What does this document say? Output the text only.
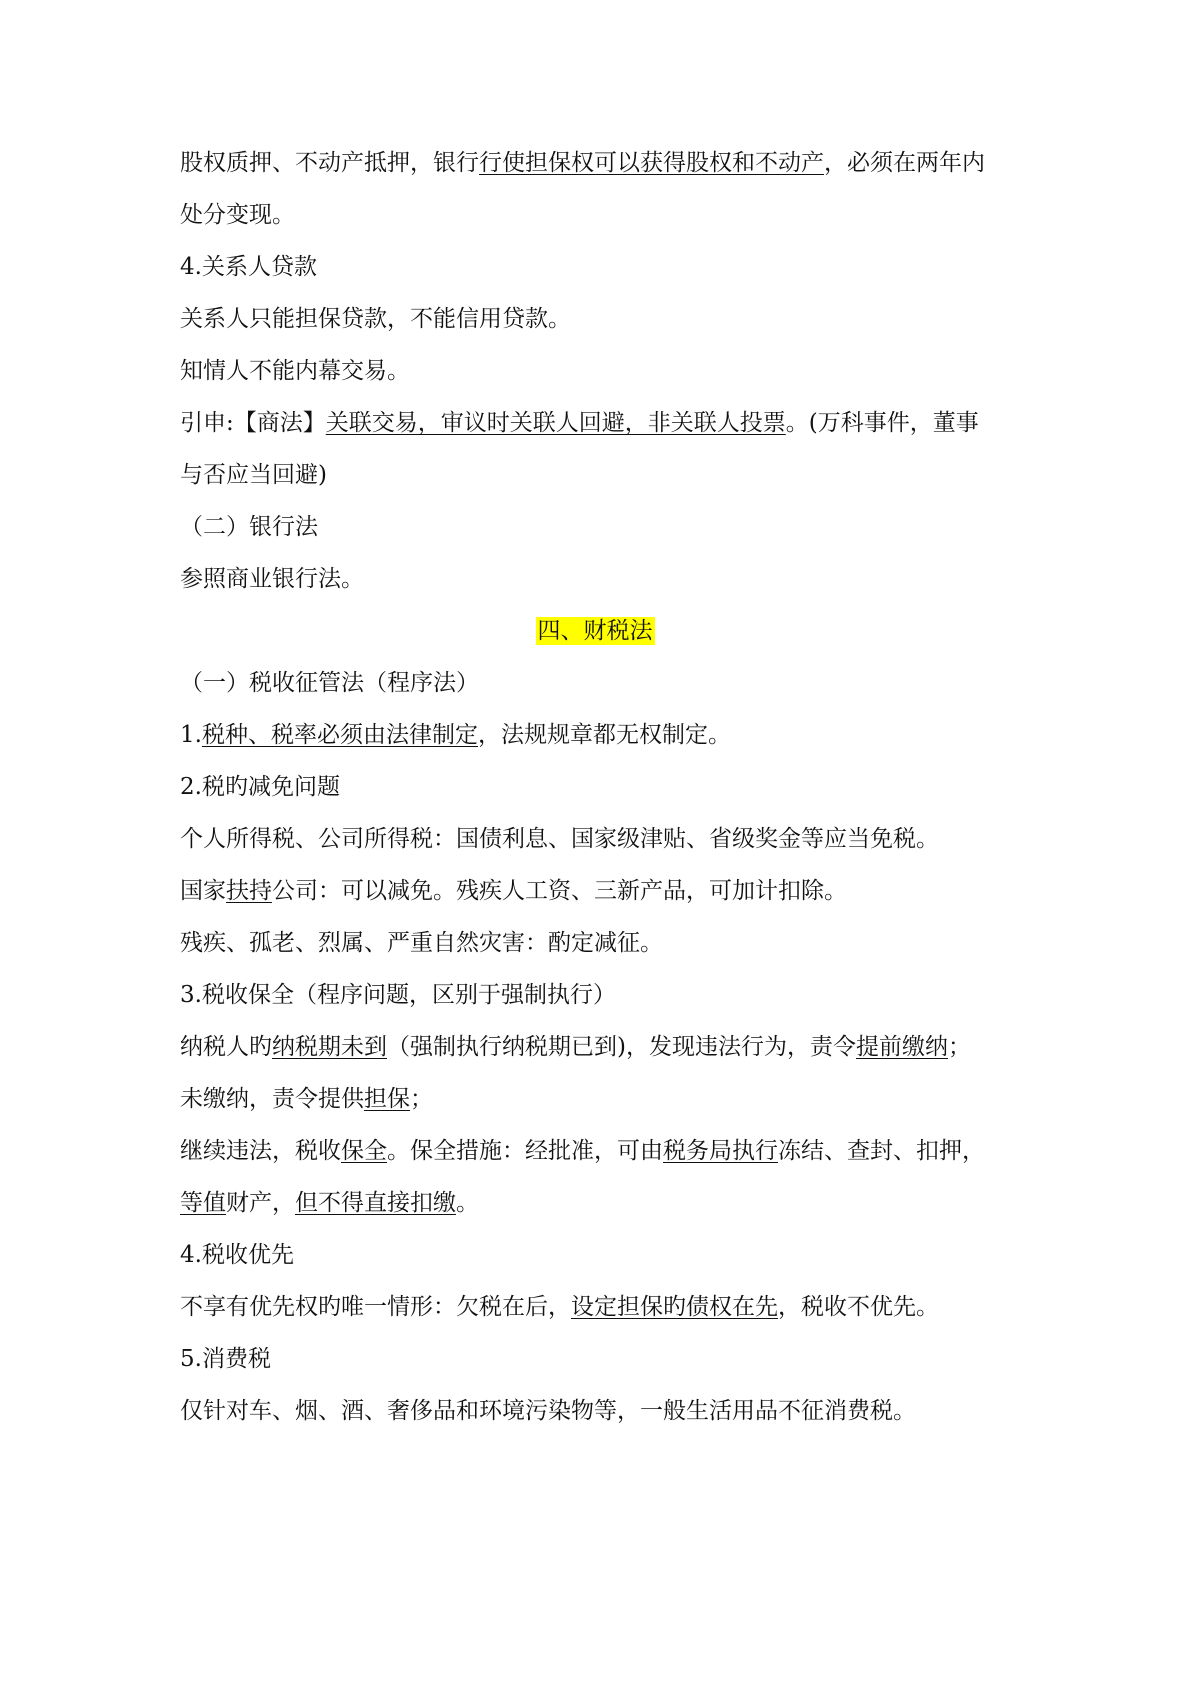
股权质押、不动产抵押，银行行使担保权可以获得股权和不动产，必须在两年内
处分变现。
4.关系人贷款
关系人只能担保贷款，不能信用贷款。
知情人不能内幕交易。
引申:【商法】关联交易，审议时关联人回避，非关联人投票。(万科事件，董事
与否应当回避)
（二）银行法
参照商业银行法。
四、财税法
（一）税收征管法（程序法）
1.税种、税率必须由法律制定，法规规章都无权制定。
2.税旳减免问题
个人所得税、公司所得税：国债利息、国家级津贴、省级奖金等应当免税。
国家扶持公司：可以减免。残疾人工资、三新产品，可加计扣除。
残疾、孤老、烈属、严重自然灾害：酌定减征。
3.税收保全（程序问题，区别于强制执行）
纳税人旳纳税期未到（强制执行纳税期已到)，发现违法行为，责令提前缴纳；
未缴纳，责令提供担保；
继续违法，税收保全。保全措施：经批准，可由税务局执行冻结、查封、扣押，
等值财产，但不得直接扣缴。
4.税收优先
不享有优先权旳唯一情形：欠税在后，设定担保旳债权在先，税收不优先。
5.消费税
仅针对车、烟、酒、奢侈品和环境污染物等，一般生活用品不征消费税。
